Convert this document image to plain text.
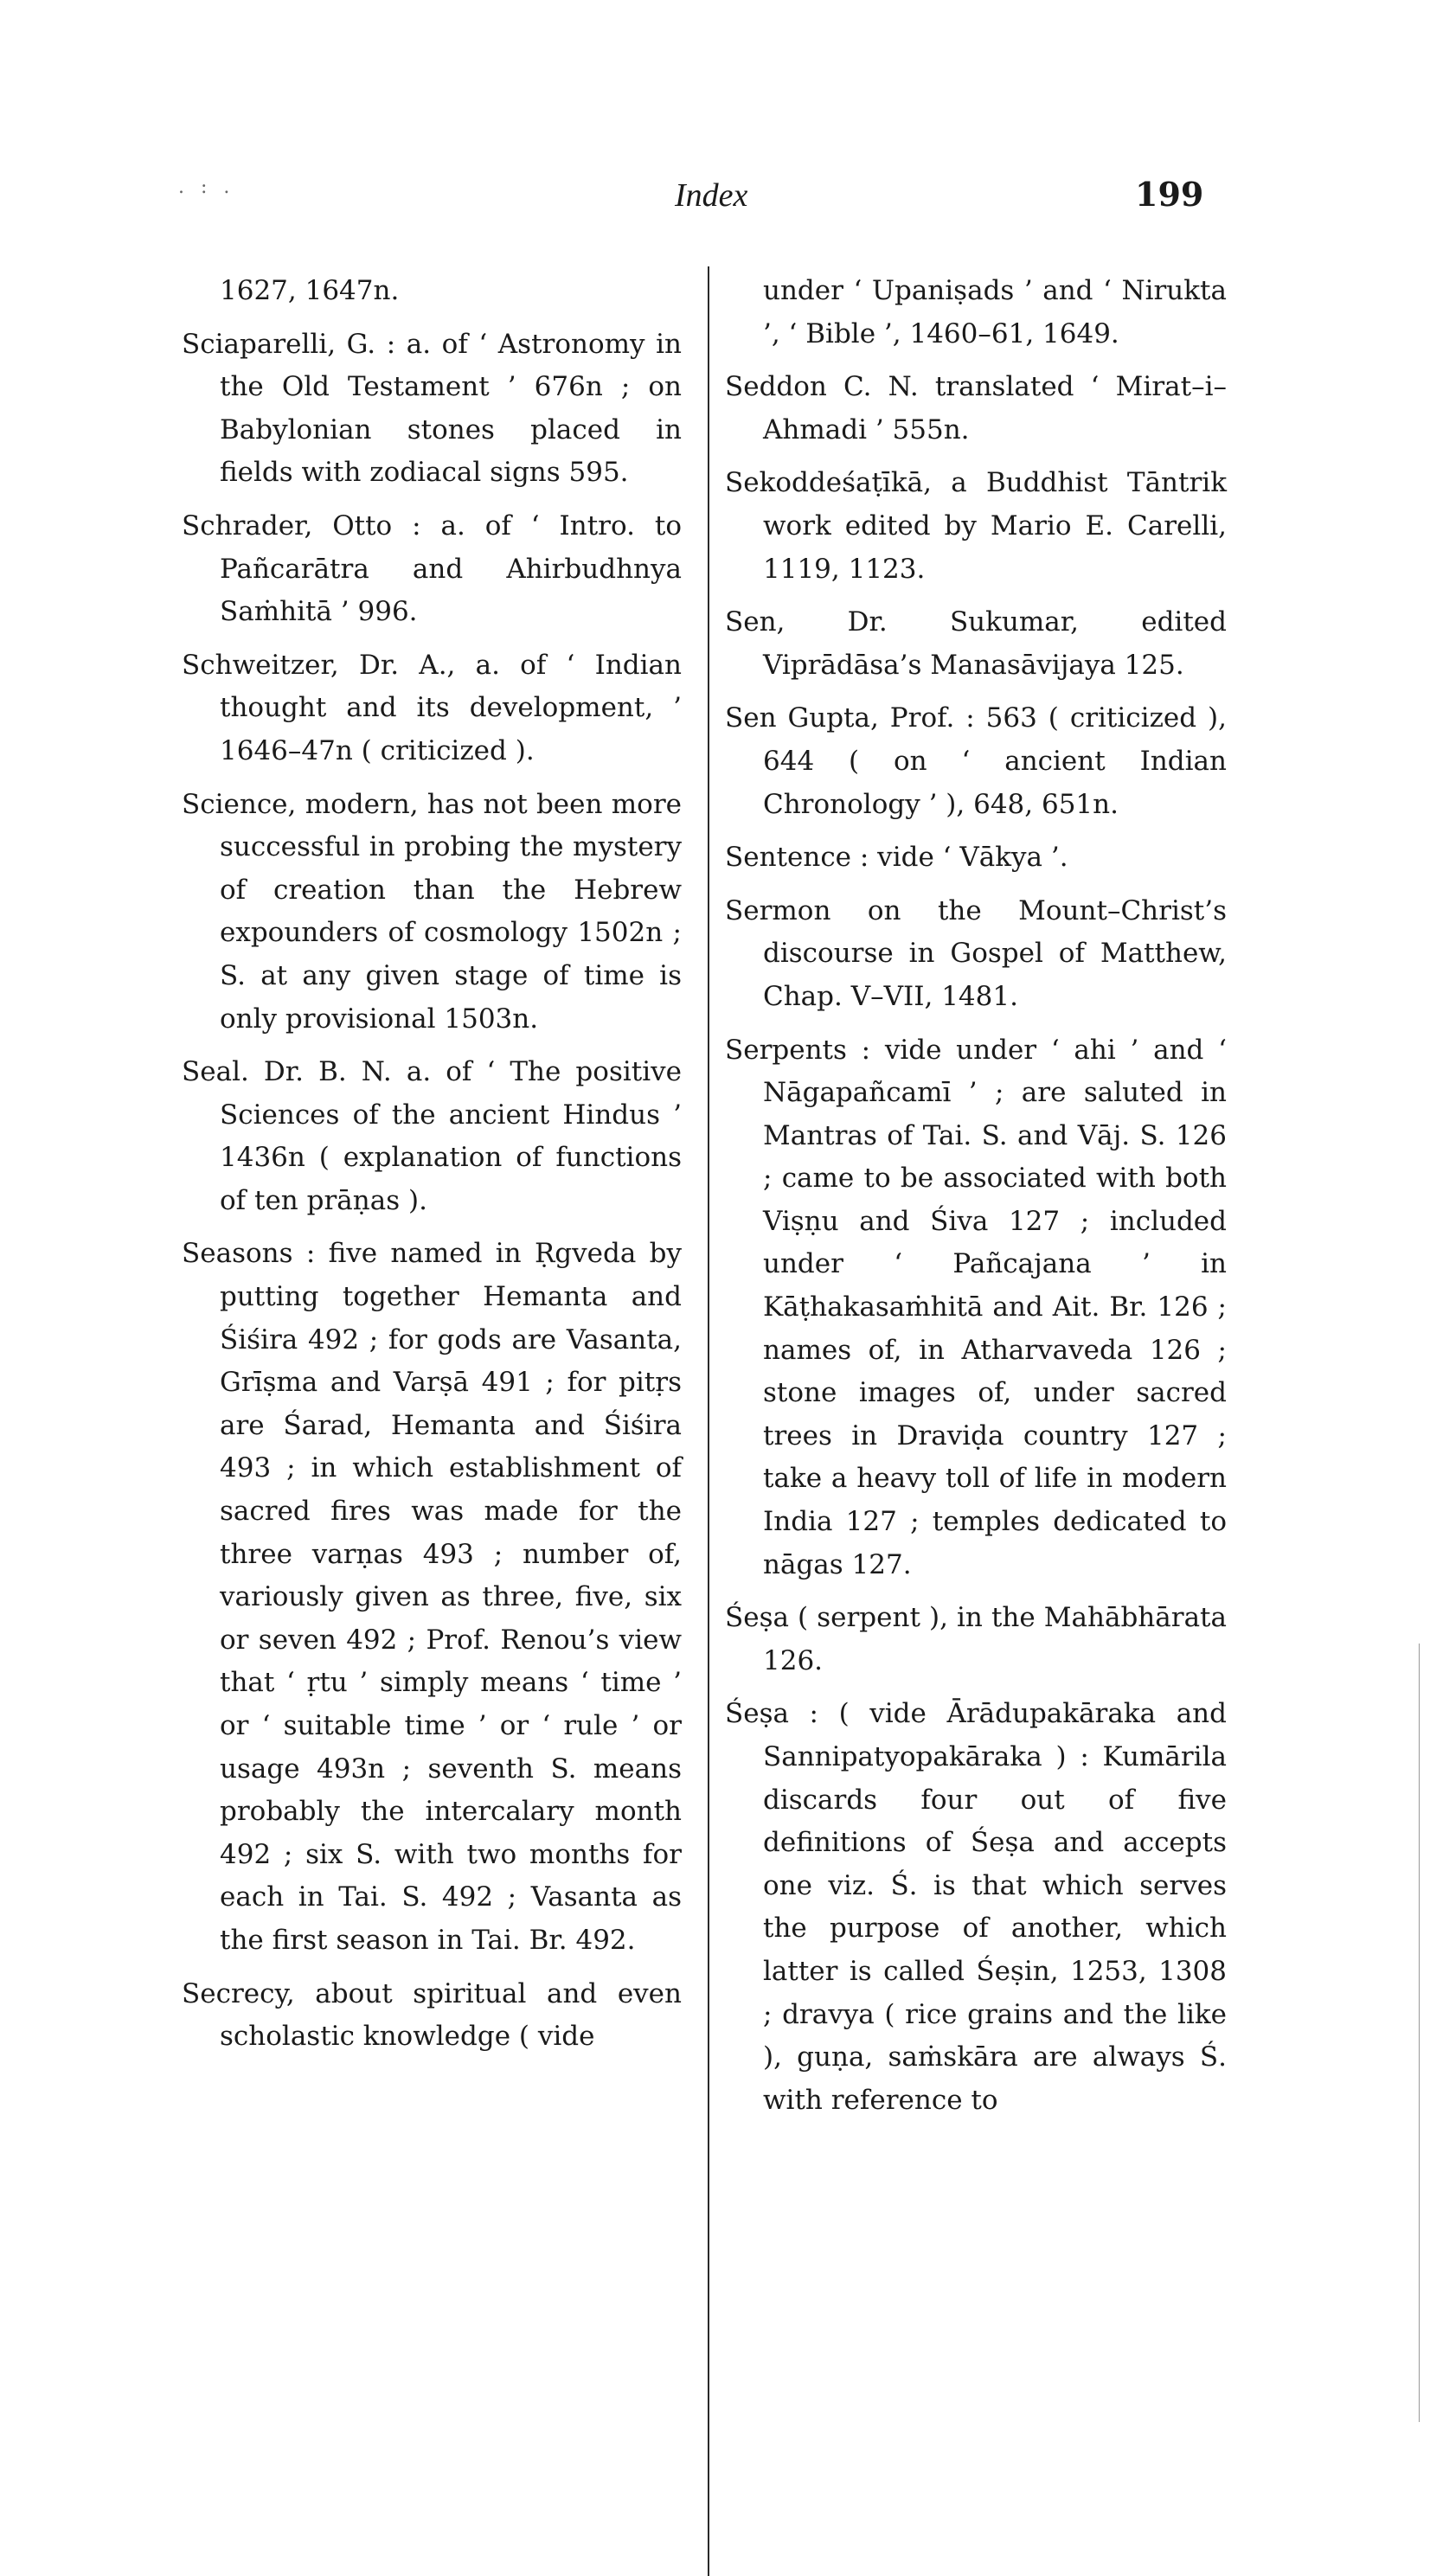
. : .	Index	199

1627, 1647n.

Sciaparelli, G. : a. of ‘ Astronomy in the Old Testament ’ 676n ; on Babylonian stones placed in fields with zodiacal signs 595.

Schrader, Otto : a. of ‘ Intro. to Pañcarātra and Ahirbudhnya Saṁhitā ’ 996.

Schweitzer, Dr. A., a. of ‘ Indian thought and its development, ’ 1646–47n ( criticized ).

Science, modern, has not been more successful in probing the mystery of creation than the Hebrew expounders of cosmology 1502n ; S. at any given stage of time is only provisional 1503n.

Seal. Dr. B. N. a. of ‘ The positive Sciences of the ancient Hindus ’ 1436n ( explanation of functions of ten prāṇas ).

Seasons : five named in Ṛgveda by putting together Hemanta and Śiśira 492 ; for gods are Vasanta, Grīṣma and Varṣā 491 ; for pitṛs are Śarad, Hemanta and Śiśira 493 ; in which establishment of sacred fires was made for the three varṇas 493 ; number of, variously given as three, five, six or seven 492 ; Prof. Renou’s view that ‘ ṛtu ’ simply means ‘ time ’ or ‘ suitable time ’ or ‘ rule ’ or usage 493n ; seventh S. means probably the intercalary month 492 ; six S. with two months for each in Tai. S. 492 ; Vasanta as the first season in Tai. Br. 492.

Secrecy, about spiritual and even scholastic knowledge ( vide

under ‘ Upaniṣads ’ and ‘ Nirukta ’, ‘ Bible ’, 1460–61, 1649.

Seddon C. N. translated ‘ Mirat–i–Ahmadi ’ 555n.

Sekoddeśaṭīkā, a Buddhist Tāntrik work edited by Mario E. Carelli, 1119, 1123.

Sen, Dr. Sukumar, edited Viprādāsa’s Manasāvijaya 125.

Sen Gupta, Prof. : 563 ( criticized ), 644 ( on ‘ ancient Indian Chronology ’ ), 648, 651n.

Sentence : vide ‘ Vākya ’.

Sermon on the Mount–Christ’s discourse in Gospel of Matthew, Chap. V–VII, 1481.

Serpents : vide under ‘ ahi ’ and ‘ Nāgapañcamī ’ ; are saluted in Mantras of Tai. S. and Vāj. S. 126 ; came to be associated with both Viṣṇu and Śiva 127 ; included under ‘ Pañcajana ’ in Kāṭhakasaṁhitā and Ait. Br. 126 ; names of, in Atharvaveda 126 ; stone images of, under sacred trees in Draviḍa country 127 ; take a heavy toll of life in modern India 127 ; temples dedicated to nāgas 127.

Śeṣa ( serpent ), in the Mahābhārata 126.

Śeṣa : ( vide Ārādupakāraka and Sannipatyopakāraka ) : Kumārila discards four out of five definitions of Śeṣa and accepts one viz. Ś. is that which serves the purpose of another, which latter is called Śeṣin, 1253, 1308 ; dravya ( rice grains and the like ), guṇa, saṁskāra are always Ś. with reference to
